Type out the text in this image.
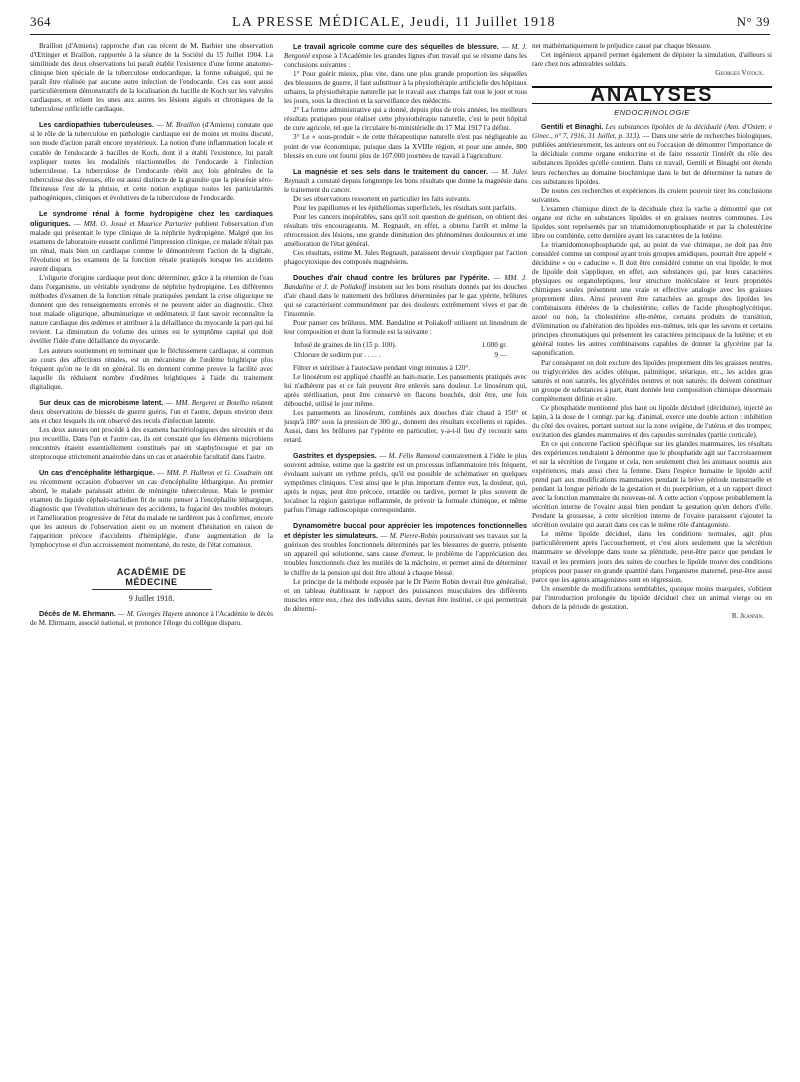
364	LA PRESSE MÉDICALE, Jeudi, 11 Juillet 1918	N° 39

Braillon (d'Amiens) rapproche d'un cas récent de M. Barbier une observation d'Œttinger et Braillon, rapportée à la séance de la Société du 15 Juillet 1904. La similitude des deux observations lui paraît établir l'existence d'une forme anatomo-clinique bien spéciale de la tuberculose endocardique, la forme subaiguë, qui ne paraît être réalisée par aucune autre infection de l'endocarde. Ces cas sont aussi particulièrement démonstratifs de la localisation du bacille de Koch sur les valvules cardiaques, et relient les unes aux autres les lésions aiguës et chroniques de la tuberculose orificielle cardiaque.

Les cardiopathies tuberculeuses. — M. Braillon (d'Amiens) constate que si le rôle de la tuberculose en pathologie cardiaque est de moins en moins discuté, son mode d'action paraît encore mystérieux. La notion d'une inflammation locale et curable de l'endocarde à bacilles de Koch, dont il a établi l'existence, lui paraît expliquer toutes les modalités réactionnelles de l'endocarde à l'infection tuberculeuse. La tuberculose de l'endocarde obéit aux lois générales de la tuberculose des séreuses, elle est aussi distincte de la granulie que la pleurésie séro-fibrineuse l'est de la phtisie, et cette notion explique toutes les particularités pathogéniques, cliniques et évolutives de la tuberculose de l'endocarde.

Le syndrome rénal à forme hydropigène chez les cardiaques oliguriques. — MM. O. Josué et Maurice Parturier publient l'observation d'un malade qui présentait le type clinique de la néphrite hydropigène. Malgré que les examens de laboratoire eussent confirmé l'impression clinique, ce malade n'était pas un rénal, mais bien un cardiaque comme le démontrèrent l'action de la digitale, l'évolution et les examens de la fonction rénale pratiqués lorsque les accidents eurent disparu.

L'oligurie d'origine cardiaque peut donc déterminer, grâce à la rétention de l'eau dans l'organisme, un véritable syndrome de néphrite hydropigène. Les différentes méthodes d'examen de la fonction rénale pratiquées pendant la crise oligurique ne donnent que des renseignements erronés et ne peuvent aider au diagnostic. Chez tout malade oligurique, albuminurique et œdémateux il faut savoir reconnaître la nature cardiaque des œdèmes et attribuer à la défaillance du myocarde la part qui lui revient. La diminution du volume des urines est le symptôme capital qui doit éveiller l'idée d'une défaillance du myocarde.

Les auteurs soutiennent en terminant que le fléchissement cardiaque, si commun au cours des affections rénales, est un mécanisme de l'œdème brightique plus fréquent qu'on ne le dit en général. Ils en donnent comme preuve la facilité avec laquelle ils réduisent nombre d'œdèmes brightiques à l'aide du traitement digitalique.

Sur deux cas de microbisme latent. — MM. Bergeret et Botelho relatent deux observations de blessés de guerre guéris, l'un et l'autre, depuis environ deux ans et chez lesquels ils ont observé des reculs d'infection latente.

Les deux auteurs ont procédé à des examens bactériologiques des sérosités et du pus recueillis. Dans l'un et l'autre cas, ils ont constaté que les éléments microbiens rencontrés étaient essentiellement constitués par un staphylocoque et par un streptocoque strictement anaérobie dans un cas et anaérobie facultatif dans l'autre.

Un cas d'encéphalite léthargique. — MM. P. Halbron et G. Coudrain ont eu récemment occasion d'observer un cas d'encéphalite léthargique. Au premier abord, le malade paraissait atteint de méningite tuberculeuse. Mais le premier examen du liquide céphalo-rachidien fit de suite penser à l'encéphalite léthargique, diagnostic que l'évolution ultérieure des accidents, la fugacité des troubles moteurs et l'amélioration progressive de l'état du malade ne tardèrent pas à confirmer, encore que les auteurs de l'observation aient eu un moment d'hésitation en raison de l'apparition précoce d'accidents d'hémiplégie, d'une augmentation de la lymphocytose et d'un accroissement momentané, du reste, de l'état comateux.

ACADÉMIE DE MÉDECINE
9 Juillet 1918.

Décès de M. Ehrmann. — M. Georges Hayem annonce à l'Académie le décès de M. Ehrmann, associé national, et prononce l'éloge du collègue disparu.

Le travail agricole comme cure des séquelles de blessure. — M. J. Bergonié expose à l'Académie les grandes lignes d'un travail qui se résume dans les conclusions suivantes :

1° Pour guérir mieux, plus vite, dans une plus grande proportion les séquelles des blessures de guerre, il faut substituer à la physiothérapie artificielle des hôpitaux urbains, la physiothérapie naturelle par le travail aux champs fait tout le jour et tous les jours, sous la direction et la surveillance des médecins.

2° La forme administrative qui a donné, depuis plus de trois années, les meilleurs résultats pratiques pour réaliser cette physiothérapie naturelle, c'est le petit hôpital de cure agricole, tel que la circulaire bi-ministérielle du 17 Mai 1917 l'a défini.

3° Le « sous-produit » de cette thérapeutique naturelle n'est pas négligeable au point de vue économique, puisque dans la XVIIIe région, et pour une année, 800 blessés en cure ont fourni plus de 107.000 journées de travail à l'agriculture.

La magnésie et ses sels dans le traitement du cancer. — M. Jules Reynault a constaté depuis longtemps les bons résultats que donne la magnésie dans le traitement du cancer.

De ses observations ressortent en particulier les faits suivants.

Pour les papillomes et les épithéliomas superficiels, les résultats sont parfaits.

Pour les cancers inopérables, sans qu'il soit question de guérison, on obtient des résultats très encourageants. M. Regnault, en effet, a obtenu l'arrêt et même la rétrocession des lésions, une grande diminution des phénomènes douloureux et une amélioration de l'état général.

Ces résultats, estime M. Jules Regnault, paraissent devoir s'expliquer par l'action phagocytoxique des composés magnésiens.

Douches d'air chaud contre les brûlures par l'ypérite. — MM. J. Bandaline et J. de Poliakoff insistent sur les bons résultats donnés par les douches d'air chaud dans le traitement des brûlures déterminées par le gaz ypérite, brûlures qui se caractérisent communément par des douleurs extrêmement vives et par de l'insomnie.

Pour panser ces brûlures, MM. Bandaline et Poliakoff utilisent un linosérum de leur composition et dont la formule est la suivante :

Infusé de graines de lin (15 p. 100).	1.000 gr.
Chlorure de sodium pur . . . . .	9 —

Filtrer et stériliser à l'autoclave pendant vingt minutes à 120°.

Le linosérum est appliqué chauffé au bain-marie. Les pansements pratiqués avec lui n'adhèrent pas et ce fait peuvent être enlevés sans douleur. Le linosérum qui, après stérilisation, peut être conservé en flacons bouchés, doit être, une fois débouché, utilisé le jour même.

Les pansements au linosérum, combinés aux douches d'air chaud à 150° et jusqu'à 180° sous la pression de 300 gr., donnent des résultats excellents et rapides. Aussi, dans les brûlures par l'ypérite en particulier, y-a-t-il lieu d'y recourir sans retard.

Gastrites et dyspepsies. — M. Félix Ramond contrairement à l'idée le plus souvent admise, estime que la gastrite est un processus inflammatoire très fréquent, évoluant suivant un rythme précis, qu'il est possible de schématiser en quelques symptômes cliniques. C'est ainsi que le plus important d'entre eux, la douleur, qui, après le repas, peut être précoce, retardée ou tardive, permet le plus souvent de localiser la région gastrique enflammée, de prévoir la formule chimique, et même parfois l'image radioscopique correspondante.

Dynamomètre buccal pour apprécier les impotences fonctionnelles et dépister les simulateurs. — M. Pierre-Robin poursuivant ses travaux sur la guérison des troubles fonctionnels déterminés par les blessures de guerre, présente un appareil qui solutionne, sans cause d'erreur, le problème de l'appréciation des troubles fonctionnels chez les mutilés de la mâchoire, et permet ainsi de déterminer le chiffre de la pension qui doit être alloué à chaque blessé.

Le principe de la méthode exposée par le Dr Pierre Robin devrait être généralisé, et un tableau établissant le rapport des puissances musculaires des différents muscles entre eux, chez des individus sains, devrait être institué, ce qui permettrait de détermi-

ner mathématiquement le préjudice causé par chaque blessure.

Cet ingénieux appareil permet également de dépister la simulation, d'ailleurs si rare chez nos admirables soldats.

Georges Vitoux.
ANALYSES
ENDOCRINOLOGIE

Gentili et Binaghi. Les substances lipoïdes de la décidualé (Ann. d'Ostetr. e Ginec., n° 7, 1916, 31 Juillet, p. 313). — Dans une série de recherches biologiques, publiées antérieurement, les auteurs ont eu l'occasion de démontrer l'importance de la déciduale comme organe endocrine et de faire ressortir l'intérêt du rôle des substances lipoïdes qu'elle contient. Dans ce travail, Gentili et Binaghi ont étendu leurs recherches au domaine biochimique dans le but de déterminer la nature de ces substances lipoïdes.

De toutes ces recherches et expériences ils croient pouvoir tirer les conclusions suivantes.

L'examen chimique direct de la déciduale chez la vache a démontré que cet organe est riche en substances lipoïdes et en graisses neutres communes. Les lipoïdes sont représentés par un triamidomonophosphatide et par la cholestérine libre ou combinée, cette dernière ayant les caractères de la lutéine.

Le triamidomonophosphatide qui, au point de vue chimique, ne doit pas être considéré comme un composé ayant trois groupes amidiques, pourrait être appelé « déciduine » ou « caducine ». Il doit être considéré comme un vrai lipoïde; le mot de lipoïde doit s'appliquer, en effet, aux substances qui, par leurs caractères physiques ou organoleptiques, leur structure moléculaire et leurs propriétés chimiques seules présentent une vraie et effective analogie avec les graisses proprement dites. Ainsi peuvent être rattachées au groupe des lipoïdes les combinaisons éthérées de la cholestérine, celles de l'acide phosphoglycérique, azoté ou non, la cholestérine elle-même, certains produits de transition, d'élimination ou d'altération des lipoïdes eux-mêmes, tels que les savons et certains principes chromatiques qui présentent les caractères principaux de la lutéine; et en général toutes les autres combinaisons capables de donner la glycérine par la saponification.

Par conséquent on doit exclure des lipoïdes proprement dits les graisses neutres, ou triglycérides des acides oléique, palmitique, stéarique, etc., les acides gras saturés et non saturés, les glycérides neutres et non saturés; ils doivent constituer un groupe de substances à part, étant donnée leur composition chimique désormais complètement définie et sûre.

Ce phosphatide mentionné plus haut ou lipoïde déciduel (déciduine), injecté au lapin, à la dose de 1 centigr. par kg. d'animal, exerce une double action : inhibition du côté des ovaires, portant surtout sur la zone ovigène, de l'utérus et des trompes; excitation des glandes mammaires et des capsules surrénales (partie corticale).

En ce qui concerne l'action spécifique sur les glandes mammaires, les résultats des expériences tendraient à démontrer que le phosphatide agit sur l'accroissement et sur la sécrétion de l'organe et cela, non seulement chez les animaux soumis aux expériences, mais aussi chez la femme. Dans l'espèce humaine le lipoïde actif prend part aux modifications mammaires pendant la brève période menstruelle et pendant la longue période de la gestation et du puerpérium, et a un rapport direct avec la fonction mammaire du nouveau-né. A cette action s'oppose probablement la sécrétion interne de l'ovaire aussi bien pendant la gestation qu'en dehors d'elle. Pendant la grossesse, à cette sécrétion interne de l'ovaire paraissent s'ajouter la sécrétion ovulaire qui aurait dans ces cas le même rôle d'antagoniste.

Le même lipoïde déciduel, dans les conditions normales, agit plus particulièrement après l'accouchement, et c'est alors seulement que la sécrétion mammaire se développe dans toute sa plénitude, peut-être parce que pendant le travail et les premiers jours des suites de couches le lipoïde trouve des conditions propices pour passer en grande quantité dans l'organisme maternel, peut-être aussi parce que les agents antagonistes sont en régression.

Un ensemble de modifications semblables, quoique moins marquées, s'obtient par l'introduction prolongée du lipoïde déciduel chez un animal vierge ou en dehors de la période de gestation.

R. Jeannin.
